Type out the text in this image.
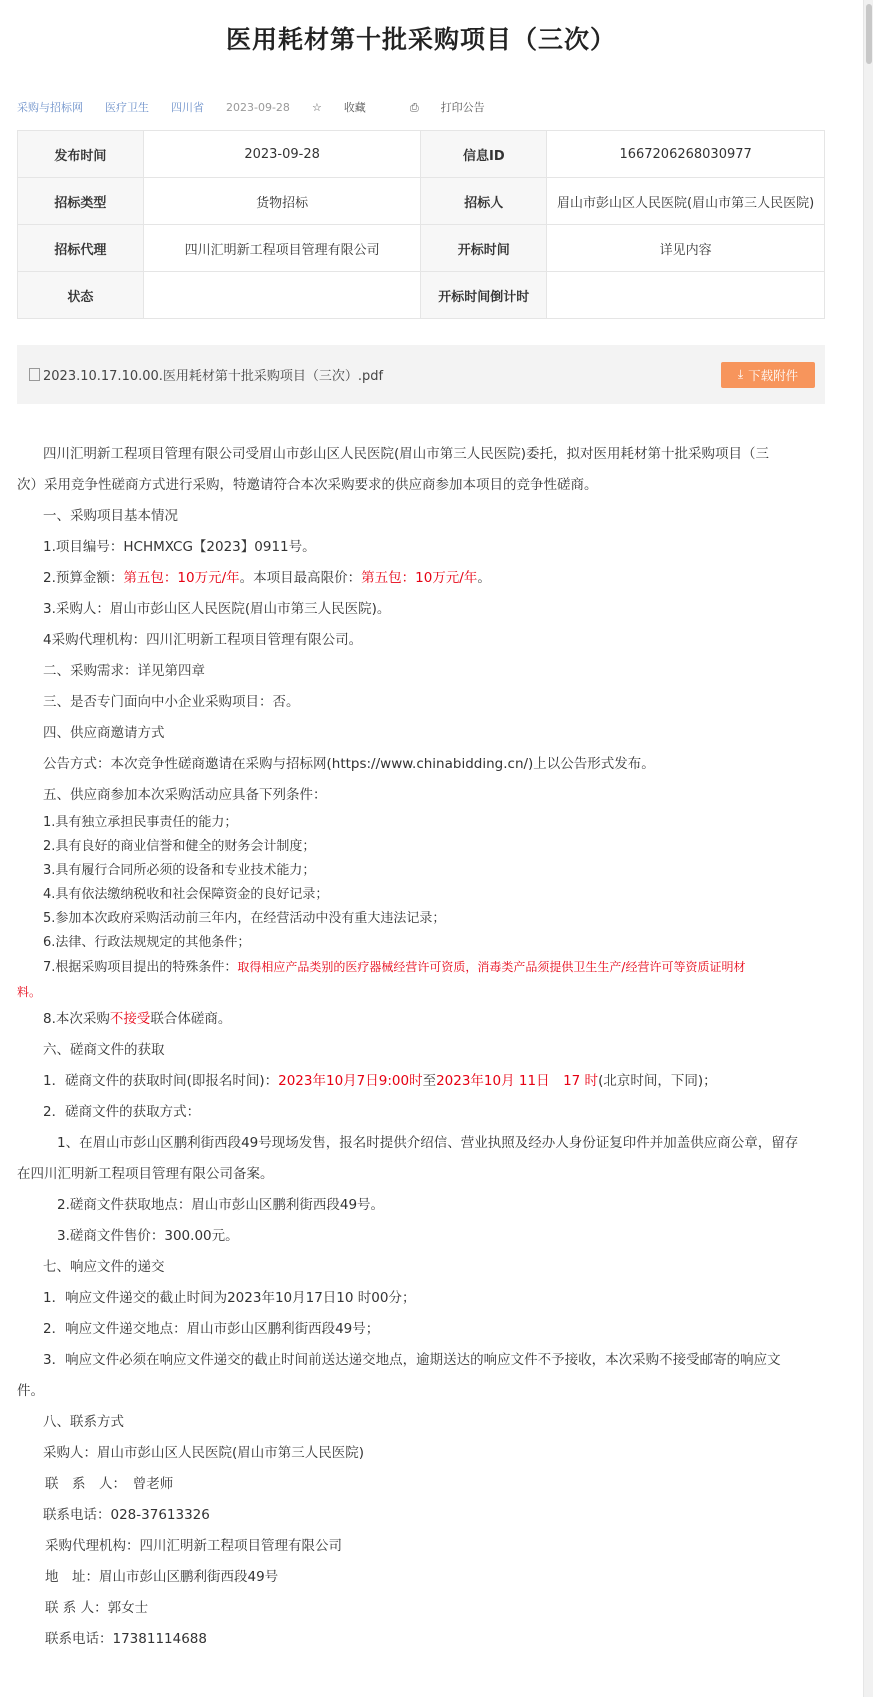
医用耗材第十批采购项目（三次）
采购与招标网 医疗卫生 四川省 2023-09-28 ☆ 收藏	⎙ 打印公告
发布时间	2023-09-28	信息ID	1667206268030977
招标类型	货物招标	招标人	眉山市彭山区人民医院(眉山市第三人民医院)
招标代理	四川汇明新工程项目管理有限公司	开标时间	详见内容
状态		开标时间倒计时	
2023.10.17.10.00.医用耗材第十批采购项目（三次）.pdf	⤓ 下载附件
四川汇明新工程项目管理有限公司受眉山市彭山区人民医院(眉山市第三人民医院)委托，拟对医用耗材第十批采购项目（三
次）采用竞争性磋商方式进行采购，特邀请符合本次采购要求的供应商参加本项目的竞争性磋商。
一、采购项目基本情况
1.项目编号：HCHMXCG【2023】0911号。
2.预算金额：第五包：10万元/年。本项目最高限价：第五包：10万元/年。
3.采购人：眉山市彭山区人民医院(眉山市第三人民医院)。
4采购代理机构：四川汇明新工程项目管理有限公司。
二、采购需求：详见第四章
三、是否专门面向中小企业采购项目：否。
四、供应商邀请方式
公告方式：本次竞争性磋商邀请在采购与招标网(https://www.chinabidding.cn/)上以公告形式发布。
五、供应商参加本次采购活动应具备下列条件：
1.具有独立承担民事责任的能力；
2.具有良好的商业信誉和健全的财务会计制度；
3.具有履行合同所必须的设备和专业技术能力；
4.具有依法缴纳税收和社会保障资金的良好记录；
5.参加本次政府采购活动前三年内，在经营活动中没有重大违法记录；
6.法律、行政法规规定的其他条件；
7.根据采购项目提出的特殊条件：取得相应产品类别的医疗器械经营许可资质，消毒类产品须提供卫生生产/经营许可等资质证明材
料。
8.本次采购不接受联合体磋商。
六、磋商文件的获取
1．磋商文件的获取时间(即报名时间)：2023年10月7日9:00时至2023年10月 11日　17 时(北京时间，下同)；
2．磋商文件的获取方式：
1、在眉山市彭山区鹏利街西段49号现场发售，报名时提供介绍信、营业执照及经办人身份证复印件并加盖供应商公章，留存
在四川汇明新工程项目管理有限公司备案。
2.磋商文件获取地点：眉山市彭山区鹏利街西段49号。
3.磋商文件售价：300.00元。
七、响应文件的递交
1．响应文件递交的截止时间为2023年10月17日10 时00分；
2．响应文件递交地点：眉山市彭山区鹏利街西段49号；
3．响应文件必须在响应文件递交的截止时间前送达递交地点，逾期送达的响应文件不予接收，本次采购不接受邮寄的响应文
件。
八、联系方式
采购人：眉山市彭山区人民医院(眉山市第三人民医院)
联　系　人：　曾老师
联系电话：028-37613326
采购代理机构：四川汇明新工程项目管理有限公司
地　址：眉山市彭山区鹏利街西段49号
联 系 人：郭女士
联系电话：17381114688
